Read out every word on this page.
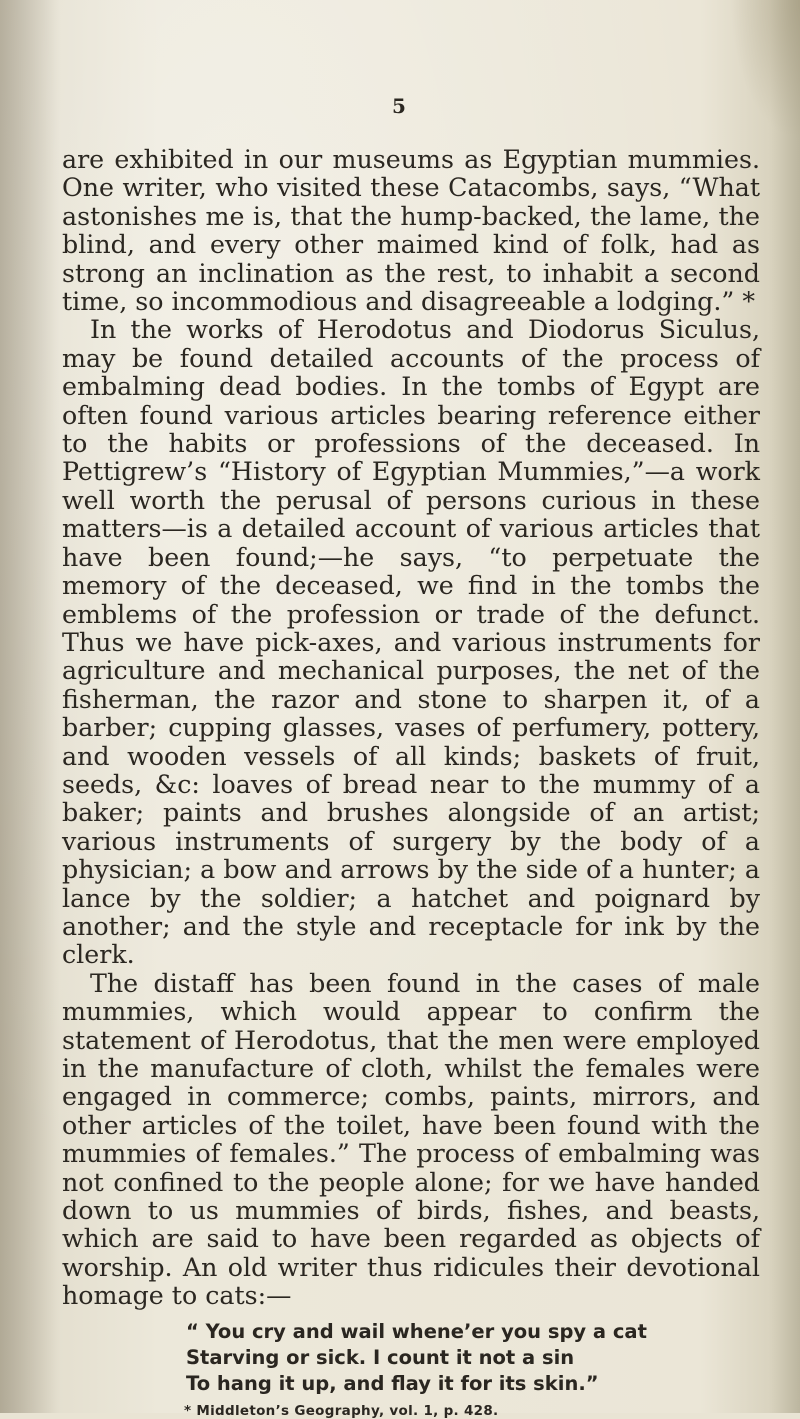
5

are exhibited in our museums as Egyptian mummies. One writer, who visited these Catacombs, says, “What astonishes me is, that the hump-backed, the lame, the blind, and every other maimed kind of folk, had as strong an inclination as the rest, to inhabit a second time, so incommodious and disagreeable a lodging.” *

In the works of Herodotus and Diodorus Siculus, may be found detailed accounts of the process of embalming dead bodies. In the tombs of Egypt are often found various articles bearing reference either to the habits or professions of the deceased. In Pettigrew’s “History of Egyptian Mummies,”—a work well worth the perusal of persons curious in these matters—is a detailed account of various articles that have been found;—he says, “to perpetuate the memory of the deceased, we find in the tombs the emblems of the profession or trade of the defunct. Thus we have pick-axes, and various instruments for agriculture and mechanical purposes, the net of the fisherman, the razor and stone to sharpen it, of a barber; cupping glasses, vases of perfumery, pottery, and wooden vessels of all kinds; baskets of fruit, seeds, &c: loaves of bread near to the mummy of a baker; paints and brushes alongside of an artist; various instruments of surgery by the body of a physician; a bow and arrows by the side of a hunter; a lance by the soldier; a hatchet and poignard by another; and the style and receptacle for ink by the clerk.

The distaff has been found in the cases of male mummies, which would appear to confirm the statement of Herodotus, that the men were employed in the manufacture of cloth, whilst the females were engaged in commerce; combs, paints, mirrors, and other articles of the toilet, have been found with the mummies of females.” The process of embalming was not confined to the people alone; for we have handed down to us mummies of birds, fishes, and beasts, which are said to have been regarded as objects of worship. An old writer thus ridicules their devotional homage to cats:—

“ You cry and wail whene’er you spy a cat
Starving or sick. I count it not a sin
To hang it up, and flay it for its skin.”
* Middleton’s Geography, vol. 1, p. 428.
